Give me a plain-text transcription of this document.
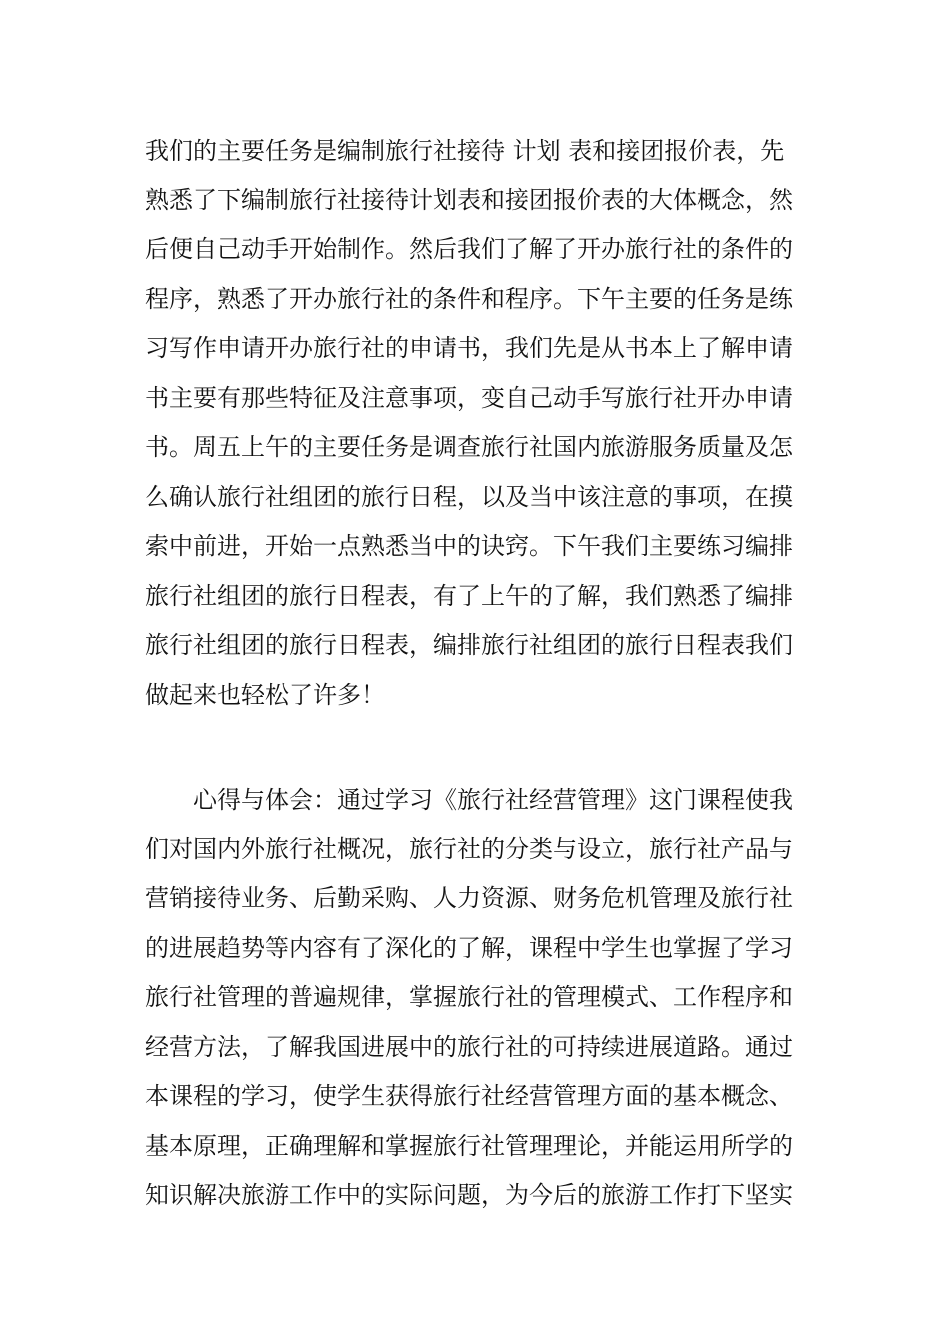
我们的主要任务是编制旅行社接待 计划 表和接团报价表，先
熟悉了下编制旅行社接待计划表和接团报价表的大体概念，然
后便自己动手开始制作。然后我们了解了开办旅行社的条件的
程序，熟悉了开办旅行社的条件和程序。下午主要的任务是练
习写作申请开办旅行社的申请书，我们先是从书本上了解申请
书主要有那些特征及注意事项，变自己动手写旅行社开办申请
书。周五上午的主要任务是调查旅行社国内旅游服务质量及怎
么确认旅行社组团的旅行日程，以及当中该注意的事项，在摸
索中前进，开始一点熟悉当中的诀窍。下午我们主要练习编排
旅行社组团的旅行日程表，有了上午的了解，我们熟悉了编排
旅行社组团的旅行日程表，编排旅行社组团的旅行日程表我们
做起来也轻松了许多！
心得与体会：通过学习《旅行社经营管理》这门课程使我
们对国内外旅行社概况，旅行社的分类与设立，旅行社产品与
营销接待业务、后勤采购、人力资源、财务危机管理及旅行社
的进展趋势等内容有了深化的了解，课程中学生也掌握了学习
旅行社管理的普遍规律，掌握旅行社的管理模式、工作程序和
经营方法，了解我国进展中的旅行社的可持续进展道路。通过
本课程的学习，使学生获得旅行社经营管理方面的基本概念、
基本原理，正确理解和掌握旅行社管理理论，并能运用所学的
知识解决旅游工作中的实际问题，为今后的旅游工作打下坚实
